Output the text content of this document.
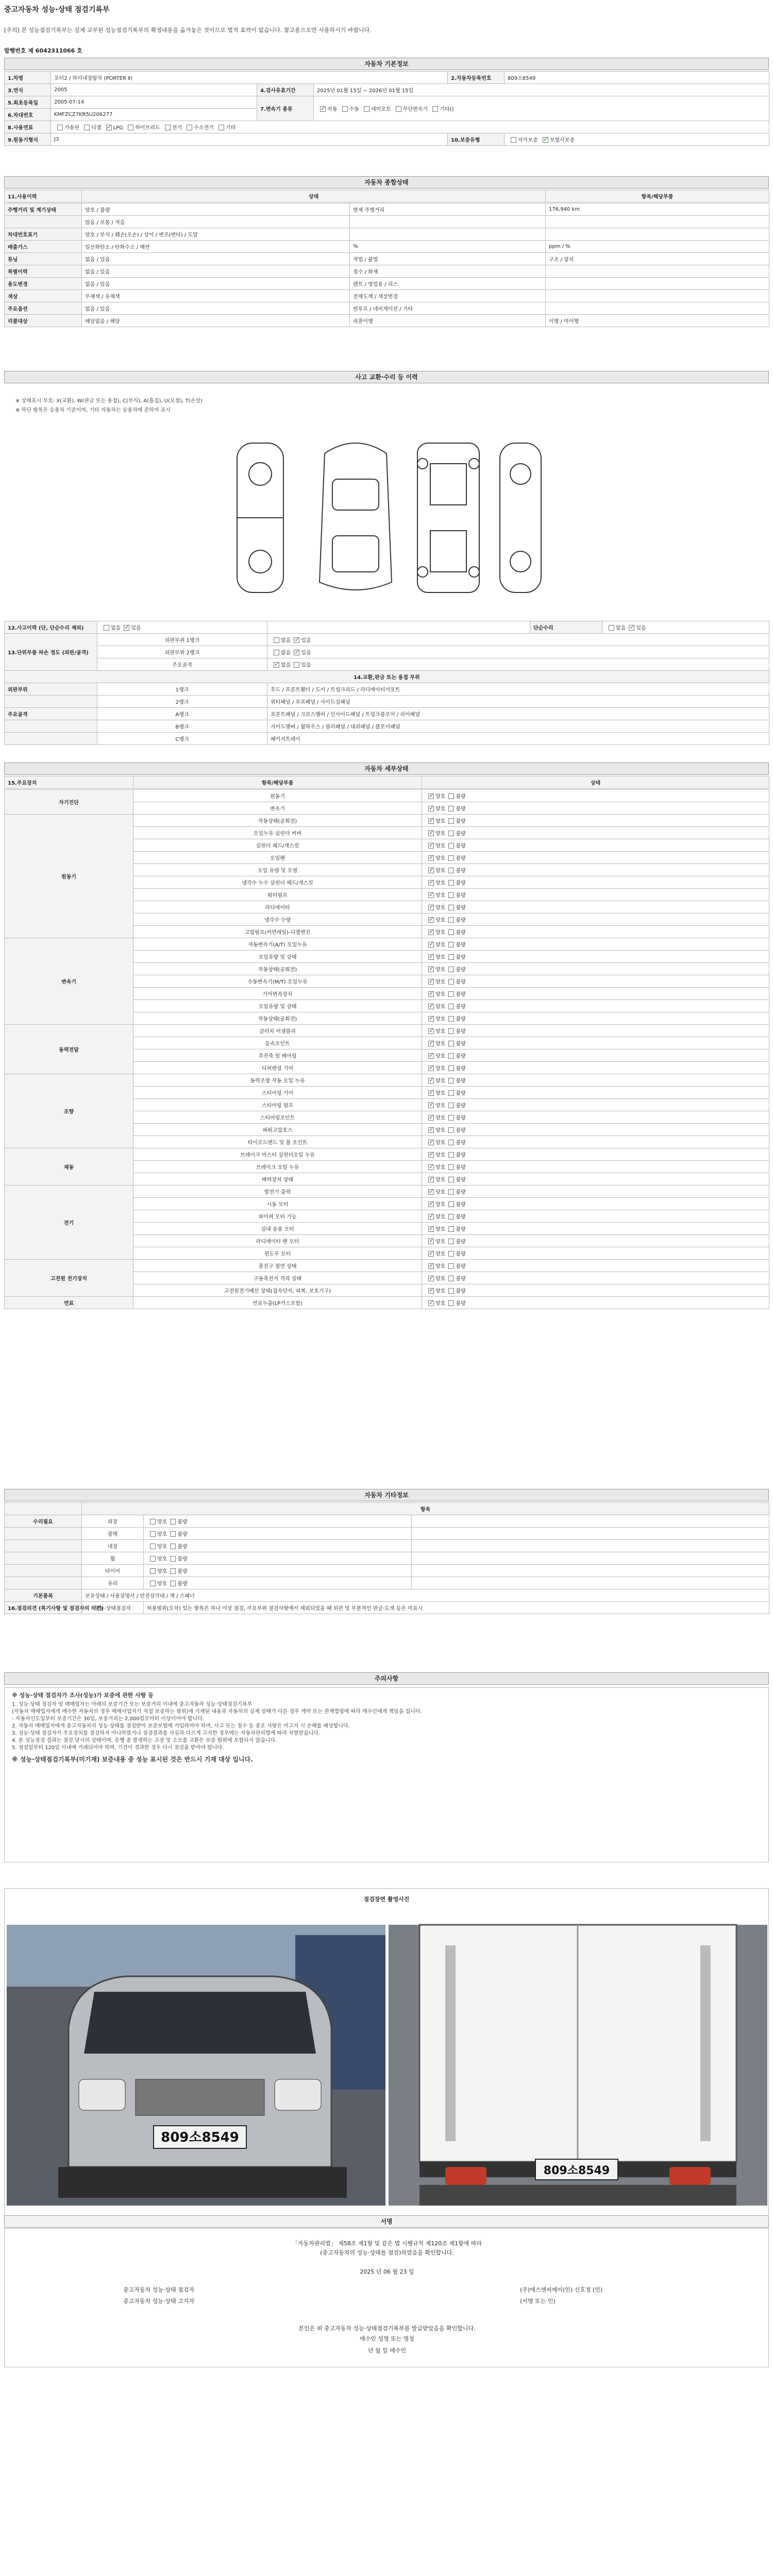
중고자동차 성능·상태 점검기록부
[주의] 본 성능점검기록부는 실제 교부된 성능점검기록부의 확정내용을 옮겨놓은 것이므로 법적 효력이 없습니다. 참고용으로만 사용하시기 바랍니다.
발행번호 제 6042311066 호
자동차 기본정보
1.차명	포터2 / 하이내장탑차 (PORTER Ⅱ)			2.자동차등록번호	809소8549
3.연식	2005	4.검사유효기간	2025년 01월 15일 ~ 2026년 01월 15일		
5.최초등록일	2005-07-14	7.변속기 종류	✓자동 수동 세미오토 무단변속기 기타()
6.차대번호	KMFZCZ7KR5U206277				
8.사용연료	가솔린 디젤 ✓ LPG 하이브리드 전기 수소전기 기타
9.원동기형식	J3			10.보증유형	자가보증 ✓ 보험사보증
자동차 종합상태
11.사용이력	상태	항목/해당부품
주행거리 및 계기상태	양호 / 불량	현재 주행거리	176,940 km
	많음 / 보통 / 적음		
차대번호표기	양호 / 부식 / 훼손(오손) / 상이 / 변조(변타) / 도말		
배출가스	일산화탄소 / 탄화수소 / 매연	%	ppm / %
튜닝	없음 / 있음	적법 / 불법	구조 / 장치
특별이력	없음 / 있음	침수 / 화재	
용도변경	없음 / 있음	렌트 / 영업용 / 리스	
색상	무채색 / 유채색	전체도색 / 색상변경	
주요옵션	없음 / 있음	썬루프 / 네비게이션 / 기타	
리콜대상	해당없음 / 해당	리콜이행	이행 / 미이행
사고 교환·수리 등 이력
※ 상태표시 부호: X(교환), W(판금 또는 용접), C(부식), A(흠집), U(요철), T(손상)
※ 하단 항목은 승용차 기준이며, 기타 자동차는 승용차에 준하여 표시
12.사고이력 (단, 단순수리 제외)	없음 ✓ 있음		단순수리	없음 ✓ 있음
13.단위부품 파손 정도 (외판/골격)	외판부위 1랭크	없음 ✓ 있음
	외판부위 2랭크	없음 ✓ 있음
	주요골격	✓없음 있음
14.교환,판금 또는 용접 부위				
외판부위	1랭크	후드 / 프론트휀더 / 도어 / 트렁크리드 / 라디에이터서포트		
	2랭크	쿼터패널 / 루프패널 / 사이드실패널		
주요골격	A랭크	프론트패널 / 크로스멤버 / 인사이드패널 / 트렁크플로어 / 리어패널		
	B랭크	사이드멤버 / 휠하우스 / 필러패널 / 대쉬패널 / 플로어패널		
	C랭크	패키지트레이		
자동차 세부상태
15.주요장치	항목/해당부품	상태
자기진단	원동기	✓양호 불량
	변속기	✓양호 불량
원동기	작동상태(공회전)	✓양호 불량
	오일누유 실린더 커버	✓양호 불량
	실린더 헤드/개스킷	✓양호 불량
	오일팬	✓양호 불량
	오일 유량 및 오염	✓양호 불량
	냉각수 누수 실린더 헤드/개스킷	✓양호 불량
	워터펌프	✓양호 불량
	라디에이터	✓양호 불량
	냉각수 수량	✓양호 불량
	고압펌프(커먼레일)-디젤엔진	✓양호 불량
변속기	자동변속기(A/T) 오일누유	✓양호 불량
	오일유량 및 상태	✓양호 불량
	작동상태(공회전)	✓양호 불량
	수동변속기(M/T) 오일누유	✓양호 불량
	기어변속장치	✓양호 불량
	오일유량 및 상태	✓양호 불량
	작동상태(공회전)	✓양호 불량
동력전달	클러치 어셈블리	✓양호 불량
	등속조인트	✓양호 불량
	추진축 및 베어링	✓양호 불량
	디퍼렌셜 기어	✓양호 불량
조향	동력조향 작동 오일 누유	✓양호 불량
	스티어링 기어	✓양호 불량
	스티어링 펌프	✓양호 불량
	스티어링조인트	✓양호 불량
	파워고압호스	✓양호 불량
	타이로드엔드 및 볼 조인트	✓양호 불량
제동	브레이크 마스터 실린더오일 누유	✓양호 불량
	브레이크 오일 누유	✓양호 불량
	배력장치 상태	✓양호 불량
전기	발전기 출력	✓양호 불량
	시동 모터	✓양호 불량
	와이퍼 모터 기능	✓양호 불량
	실내 송풍 모터	✓양호 불량
	라디에이터 팬 모터	✓양호 불량
	윈도우 모터	✓양호 불량
고전원 전기장치	충전구 절연 상태	✓양호 불량
	구동축전지 격리 상태	✓양호 불량
	고전원전기배선 상태(접속단자, 피복, 보호기구)	✓양호 불량
연료	연료누출(LP가스포함)	✓양호 불량
자동차 기타정보
	항목		
수리필요	외장	양호 불량	
	광택	양호 불량	
	내장	양호 불량	
	휠	양호 불량	
	타이어	양호 불량	
	유리	양호 불량	
기본품목	보유상태 / 사용설명서 / 안전삼각대 / 잭 / 스패너		
16.점검의견 (특기사항 및 점검자의 의견)	성능·상태점검자	허용범위(오차) 있는 항목은 하나 이상 점검, 주요부위 점검사항에서 제외되었을 때 외관 및 부분적인 판금·도색 등은 미표시	
주의사항
※ 성능·상태 점검자가 조사(성능)가 보증에 관한 사항 등
1. 성능·상태 점검자 및 매매업자는 아래의 보증기간 또는 보증거리 이내에 중고자동차 성능·상태점검기록부
(자동차 매매업자에게 매수한 자동차의 경우 매매사업자가 직접 보증하는 범위)에 기재된 내용과 자동차의 실제 상태가 다른 경우 계약 또는 관계법령에 따라 매수인에게 책임을 집니다.
- 자동차인도일부터 보증기간은 30일, 보증거리는 2,000킬로미터 이상이어야 합니다.
2. 자동차 매매업자에게 중고자동차의 성능·상태를 점검받아 보증보험에 가입하여야 하며, 사고 또는 침수 등 중요 사항은 미고지 시 손해를 배상합니다.
3. 성능·상태 점검자가 주요장치를 점검하지 아니하였거나 점검결과를 사실과 다르게 고지한 경우에는 자동차관리법에 따라 처벌받습니다.
4. 본 성능점검 결과는 점검 당시의 상태이며, 운행 중 발생하는 고장 및 소모품 교환은 보증 범위에 포함되지 않습니다.
5. 점검일부터 120일 이내에 거래되어야 하며, 기간이 경과한 경우 다시 점검을 받아야 합니다.
※ 성능·상태점검기록부(미기재) 보증내용 중 성능 표시된 것은 반드시 기재 대상 입니다.
점검장면 촬영사진
809소8549
809소8549
서명
「자동차관리법」 제58조 제1항 및 같은 법 시행규칙 제120조 제1항에 따라
(중고자동차의 성능·상태를 점검)하였음을 확인합니다.
2025 년 06 월 23 일
중고자동차 성능·상태 점검자	(주)에스엔씨에이(인) 신호정 (인)
중고자동차 성능·상태 고지자	(서명 또는 인)
본인은 위 중고자동차 성능·상태점검기록부를 발급받았음을 확인합니다.
매수인 성명 또는 명칭
년 월 일 매수인
